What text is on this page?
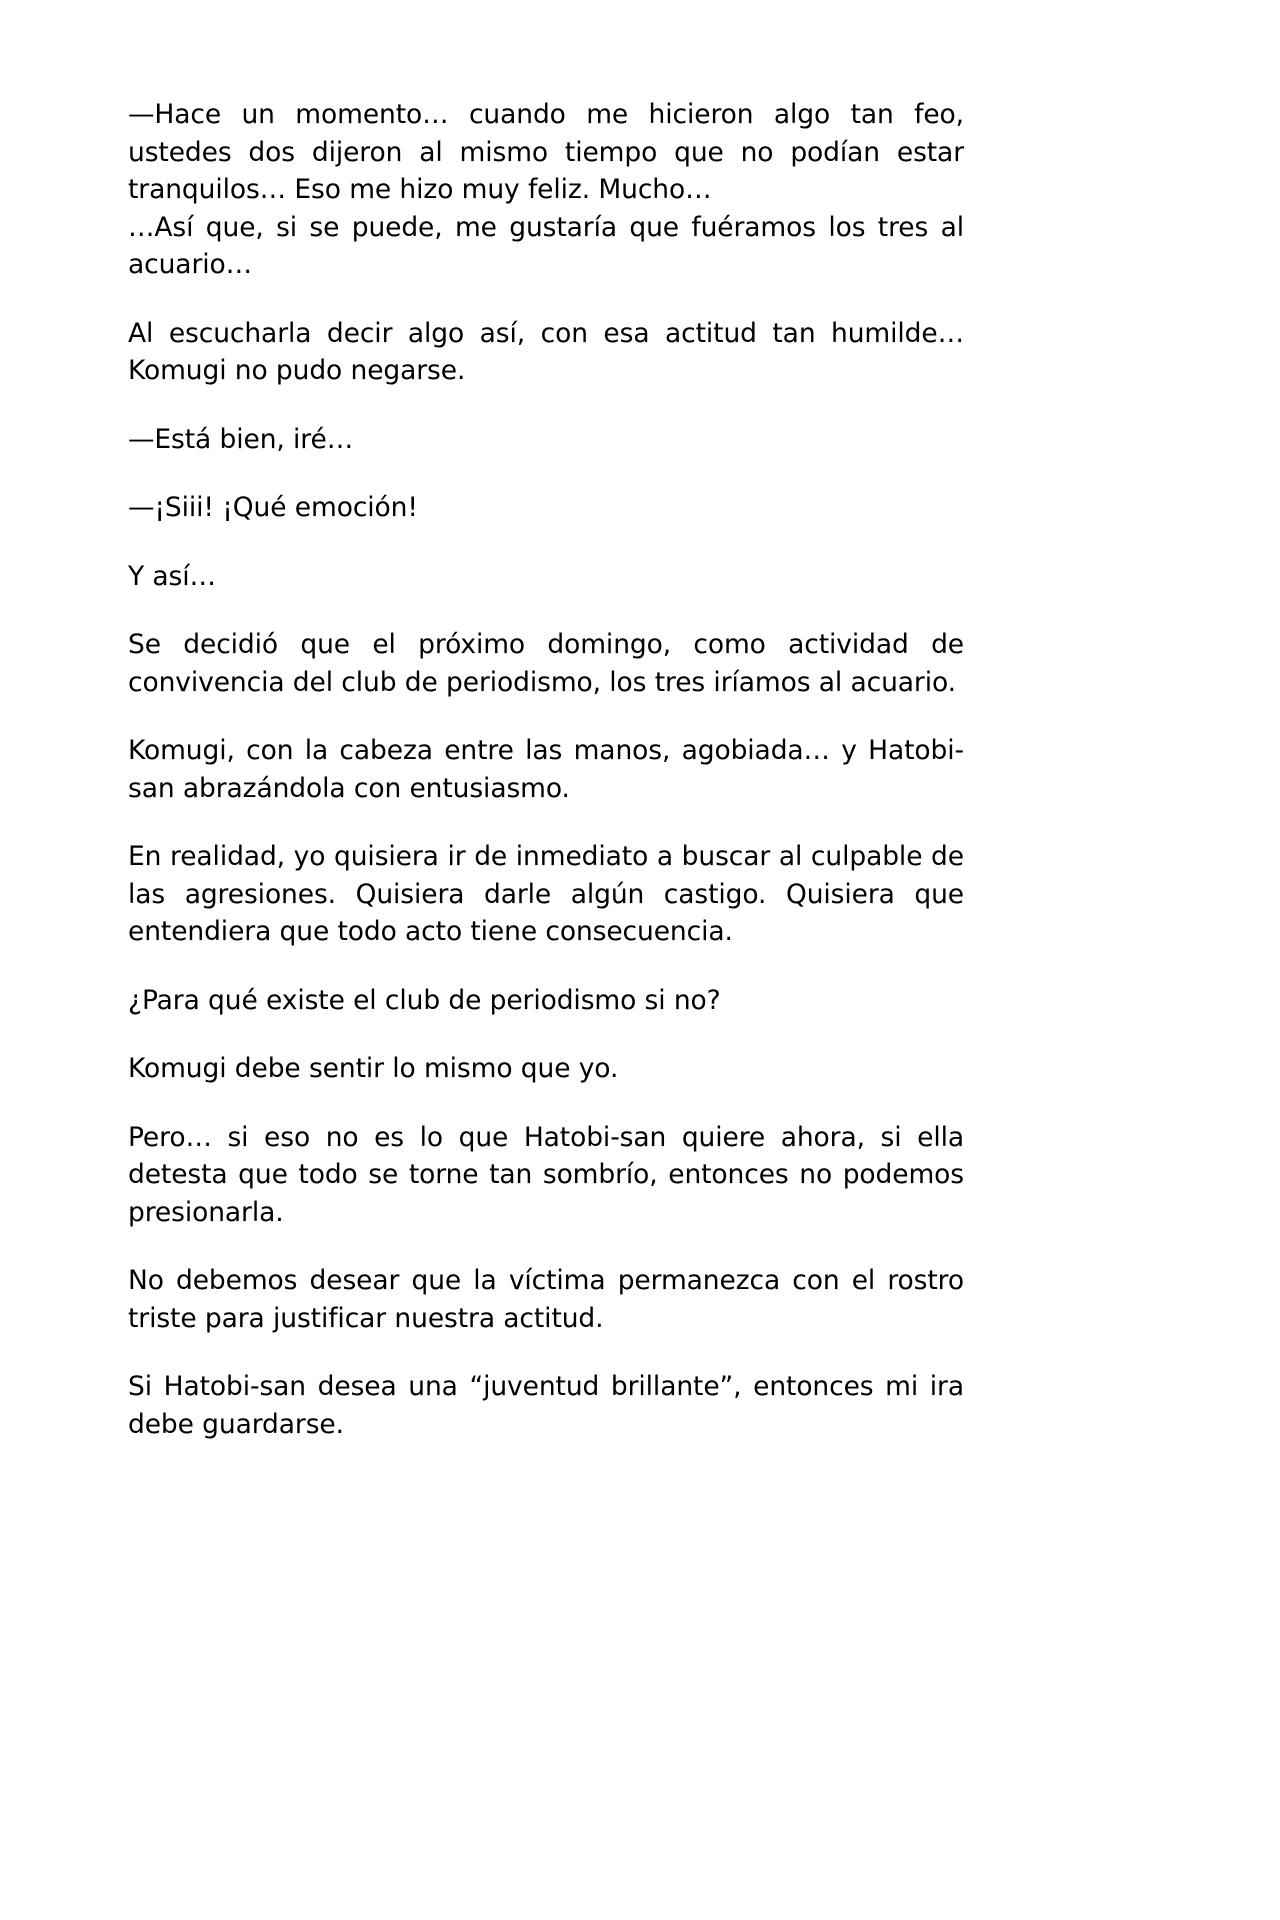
—Hace un momento… cuando me hicieron algo tan feo, ustedes dos dijeron al mismo tiempo que no podían estar tranquilos… Eso me hizo muy feliz. Mucho…

…Así que, si se puede, me gustaría que fuéramos los tres al acuario…

Al escucharla decir algo así, con esa actitud tan humilde… Komugi no pudo negarse.

—Está bien, iré…

—¡Siii! ¡Qué emoción!

Y así…

Se decidió que el próximo domingo, como actividad de convivencia del club de periodismo, los tres iríamos al acuario.

Komugi, con la cabeza entre las manos, agobiada… y Hatobi-san abrazándola con entusiasmo.

En realidad, yo quisiera ir de inmediato a buscar al culpable de las agresiones. Quisiera darle algún castigo. Quisiera que entendiera que todo acto tiene consecuencia.

¿Para qué existe el club de periodismo si no?

Komugi debe sentir lo mismo que yo.

Pero… si eso no es lo que Hatobi-san quiere ahora, si ella detesta que todo se torne tan sombrío, entonces no podemos presionarla.

No debemos desear que la víctima permanezca con el rostro triste para justificar nuestra actitud.

Si Hatobi-san desea una “juventud brillante”, entonces mi ira debe guardarse.
